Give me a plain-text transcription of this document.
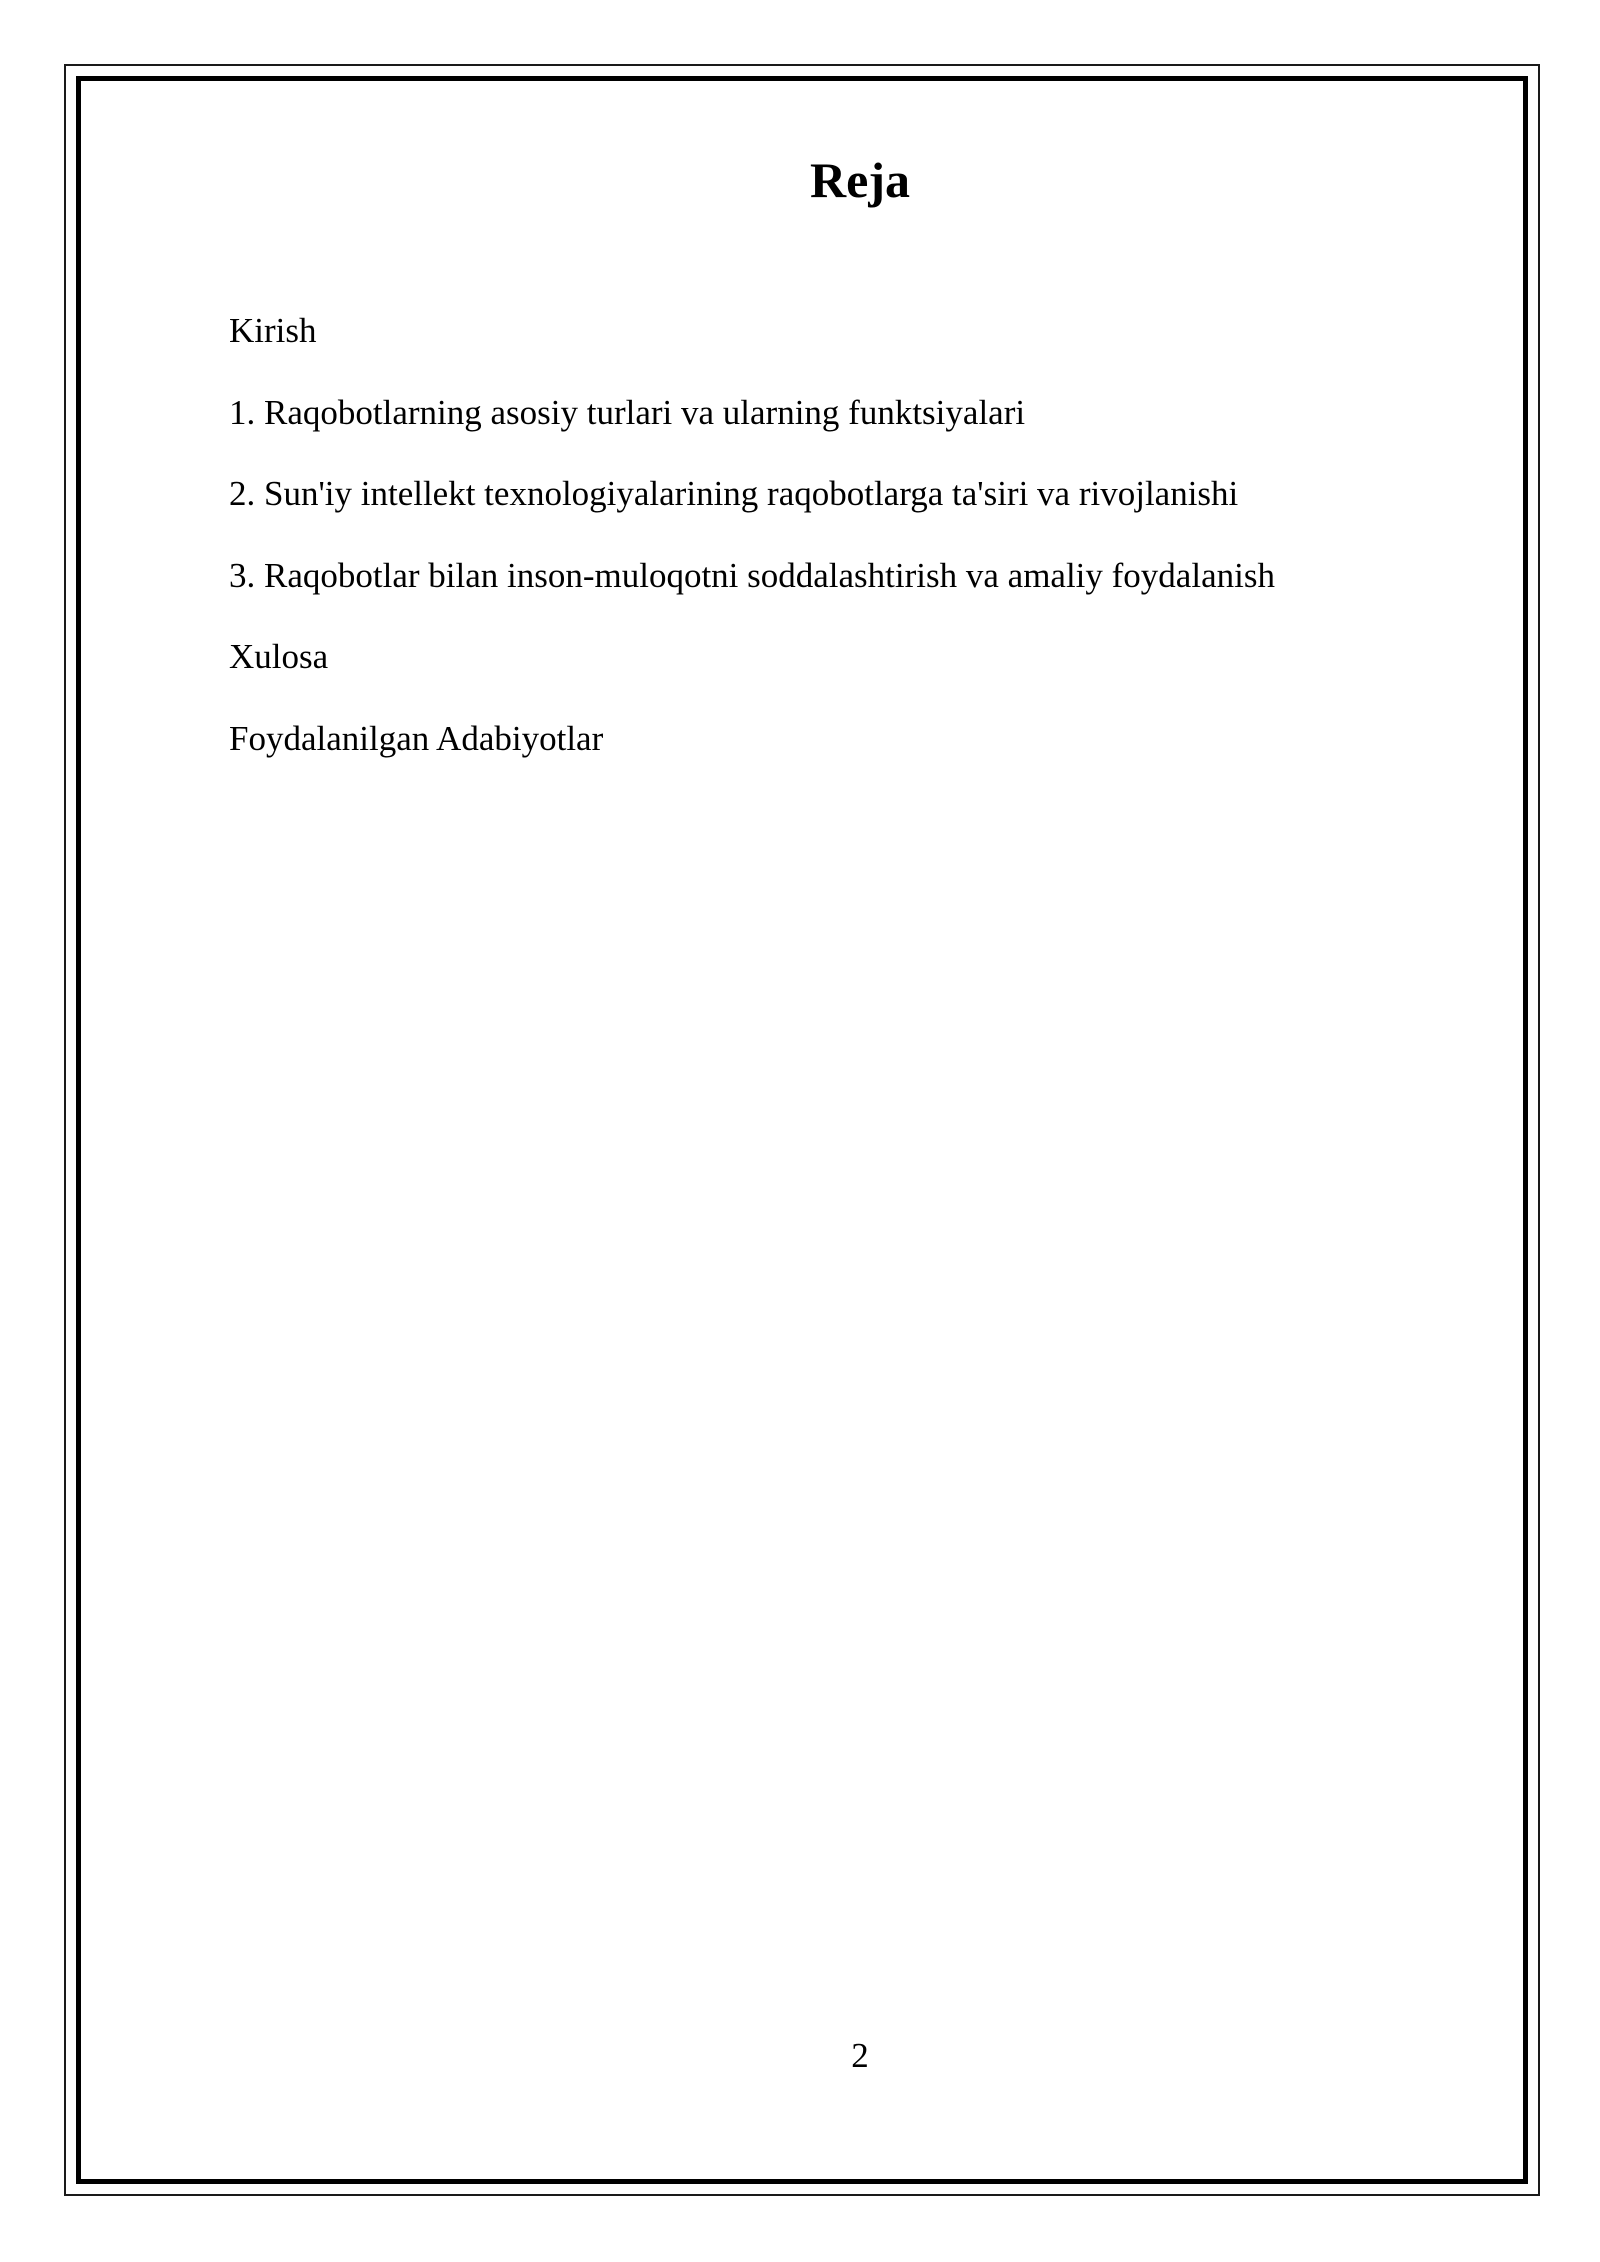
Reja
Kirish
1. Raqobotlarning asosiy turlari va ularning funktsiyalari
2. Sun'iy intellekt texnologiyalarining raqobotlarga ta'siri va rivojlanishi
3. Raqobotlar bilan inson-muloqotni soddalashtirish va amaliy foydalanish
Xulosa
Foydalanilgan Adabiyotlar
2
